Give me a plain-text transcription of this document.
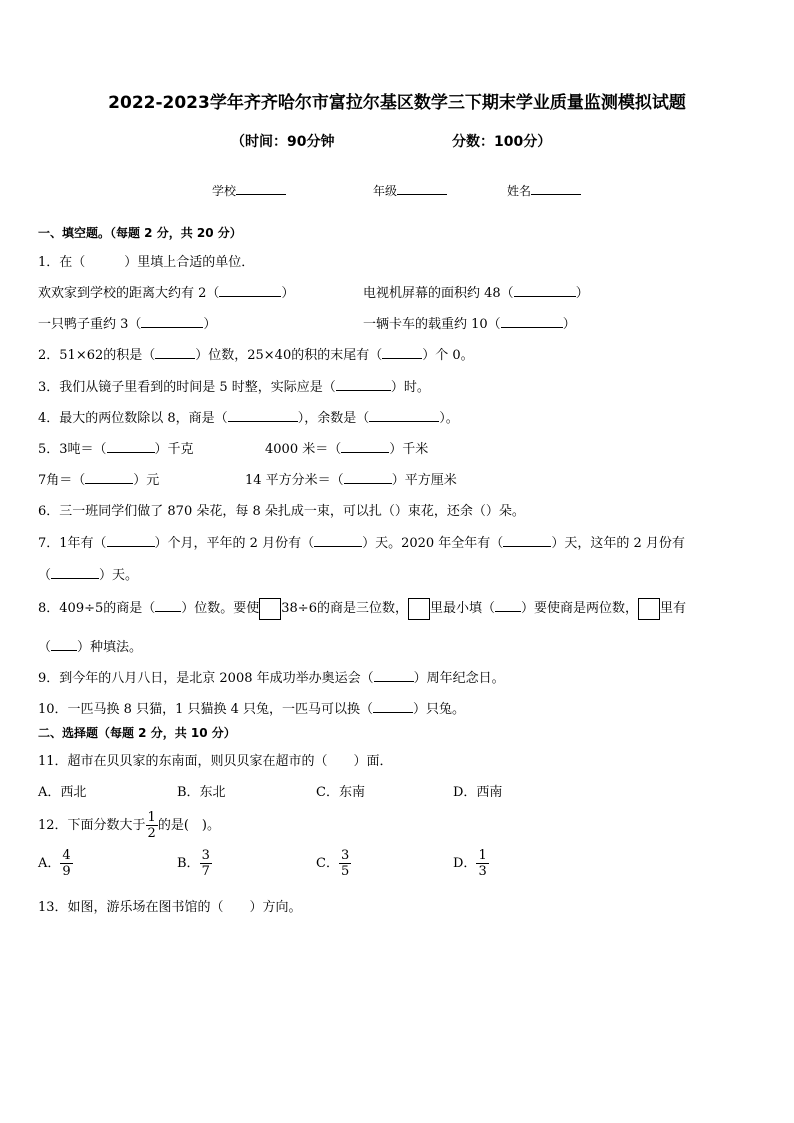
2022-2023学年齐齐哈尔市富拉尔基区数学三下期末学业质量监测模拟试题
（时间：90分钟	分数：100分）
学校	年级	姓名
一、填空题。（每题 2 分，共 20 分）
1．在（　　　）里填上合适的单位．
欢欢家到学校的距离大约有 2（	）	电视机屏幕的面积约 48（	）
一只鸭子重约 3（	）	一辆卡车的载重约 10（	）
2．51×62的积是（	）位数，25×40的积的末尾有（	）个 0。
3．我们从镜子里看到的时间是 5 时整，实际应是（	）时。
4．最大的两位数除以 8，商是（	），余数是（	）。
5．3吨＝（	）千克	4000 米＝（	）千米
7角＝（	）元	14 平方分米＝（	）平方厘米
6．三一班同学们做了 870 朵花，每 8 朵扎成一束，可以扎（）束花，还余（）朵。
7．1年有（	）个月，平年的 2 月份有（	）天。2020 年全年有（	）天，这年的 2 月份有
（	）天。
8．409÷5的商是（ ）位数。要使 38÷6的商是三位数， 里最小填（ ）要使商是两位数， 里有
（ ）种填法。
9．到今年的八月八日，是北京 2008 年成功举办奥运会（	）周年纪念日。
10．一匹马换 8 只猫，1 只猫换 4 只兔，一匹马可以换（	）只兔。
二、选择题（每题 2 分，共 10 分）
11．超市在贝贝家的东南面，则贝贝家在超市的（　　）面．
A．西北	B．东北	C．东南	D．西南
12．下面分数大于 $\frac{1}{2}$ 的是(　)。
A． $\frac{4}{9}$	B． $\frac{3}{7}$	C． $\frac{3}{5}$	D． $\frac{1}{3}$
13．如图，游乐场在图书馆的（　　）方向。
